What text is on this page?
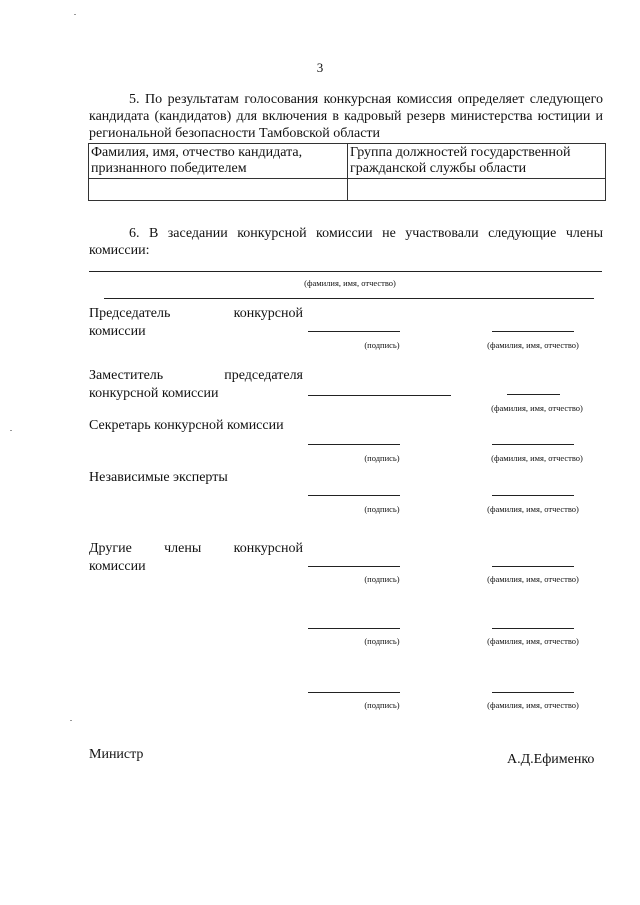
3
5. По результатам голосования конкурсная комиссия определяет следующего кандидата (кандидатов) для включения в кадровый резерв министерства юстиции и региональной безопасности Тамбовской области
Фамилия, имя, отчество кандидата, признанного победителем	Группа должностей государственной гражданской службы области

6. В заседании конкурсной комиссии не участвовали следующие члены комиссии:
(фамилия, имя, отчество)
Председатель конкурсной комиссии
(подпись)	(фамилия, имя, отчество)
Заместитель председателя конкурсной комиссии
(фамилия, имя, отчество)
Секретарь конкурсной комиссии
(подпись)	(фамилия, имя, отчество)
Независимые эксперты
(подпись)	(фамилия, имя, отчество)
Другие члены конкурсной комиссии
(подпись)	(фамилия, имя, отчество)
(подпись)	(фамилия, имя, отчество)
(подпись)	(фамилия, имя, отчество)
Министр	А.Д.Ефименко
